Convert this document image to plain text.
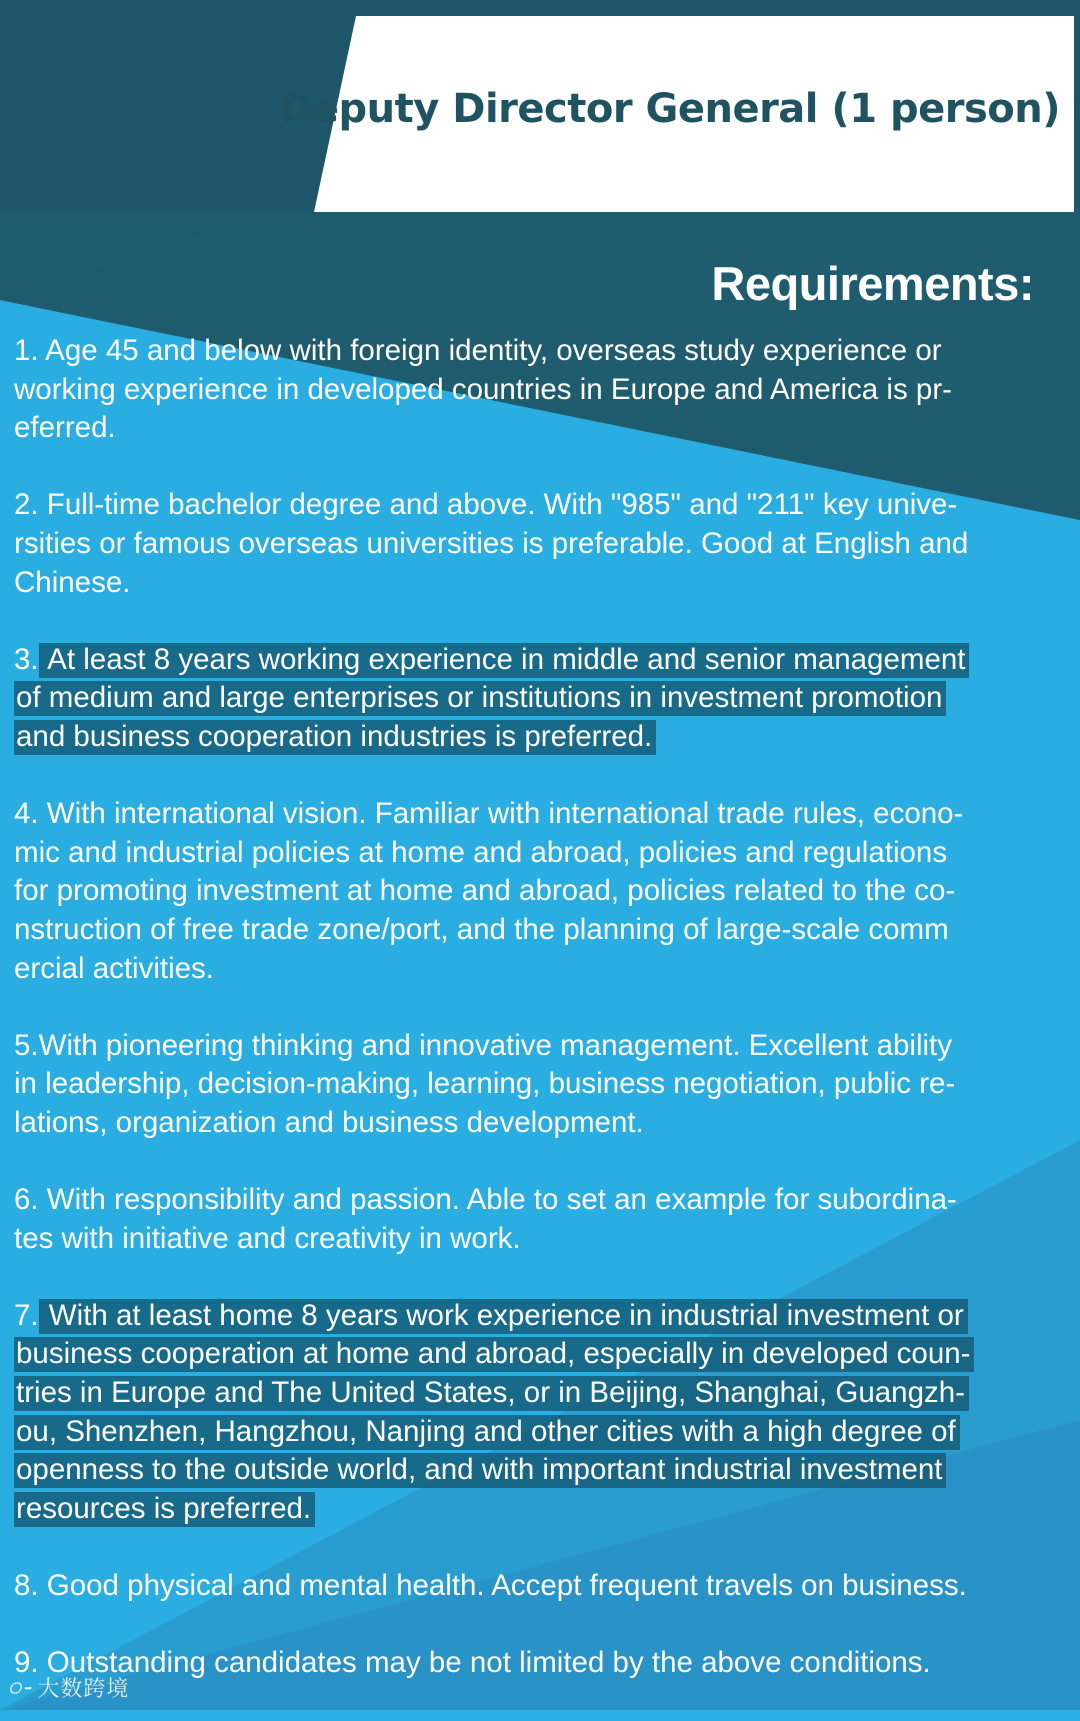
Deputy Director General (1 person)
Requirements:
1. Age 45 and below with foreign identity, overseas study experience or
working experience in developed countries in Europe and America is pr-
eferred.
2. Full-time bachelor degree and above. With "985" and "211" key unive-
rsities or famous overseas universities is preferable. Good at English and
Chinese.
3. At least 8 years working experience in middle and senior management
of medium and large enterprises or institutions in investment promotion
and business cooperation industries is preferred.
4. With international vision. Familiar with international trade rules, econo-
mic and industrial policies at home and abroad, policies and regulations
for promoting investment at home and abroad, policies related to the co-
nstruction of free trade zone/port, and the planning of large-scale comm
ercial activities.
5.With pioneering thinking and innovative management. Excellent ability
in leadership, decision-making, learning, business negotiation, public re-
lations, organization and business development.
6. With responsibility and passion. Able to set an example for subordina-
tes with initiative and creativity in work.
7. With at least home 8 years work experience in industrial investment or
business cooperation at home and abroad, especially in developed coun-
tries in Europe and The United States, or in Beijing, Shanghai, Guangzh-
ou, Shenzhen, Hangzhou, Nanjing and other cities with a high degree of
openness to the outside world, and with important industrial investment
resources is preferred.
8. Good physical and mental health. Accept frequent travels on business.
9. Outstanding candidates may be not limited by the above conditions.
ꩽ 大数跨境
